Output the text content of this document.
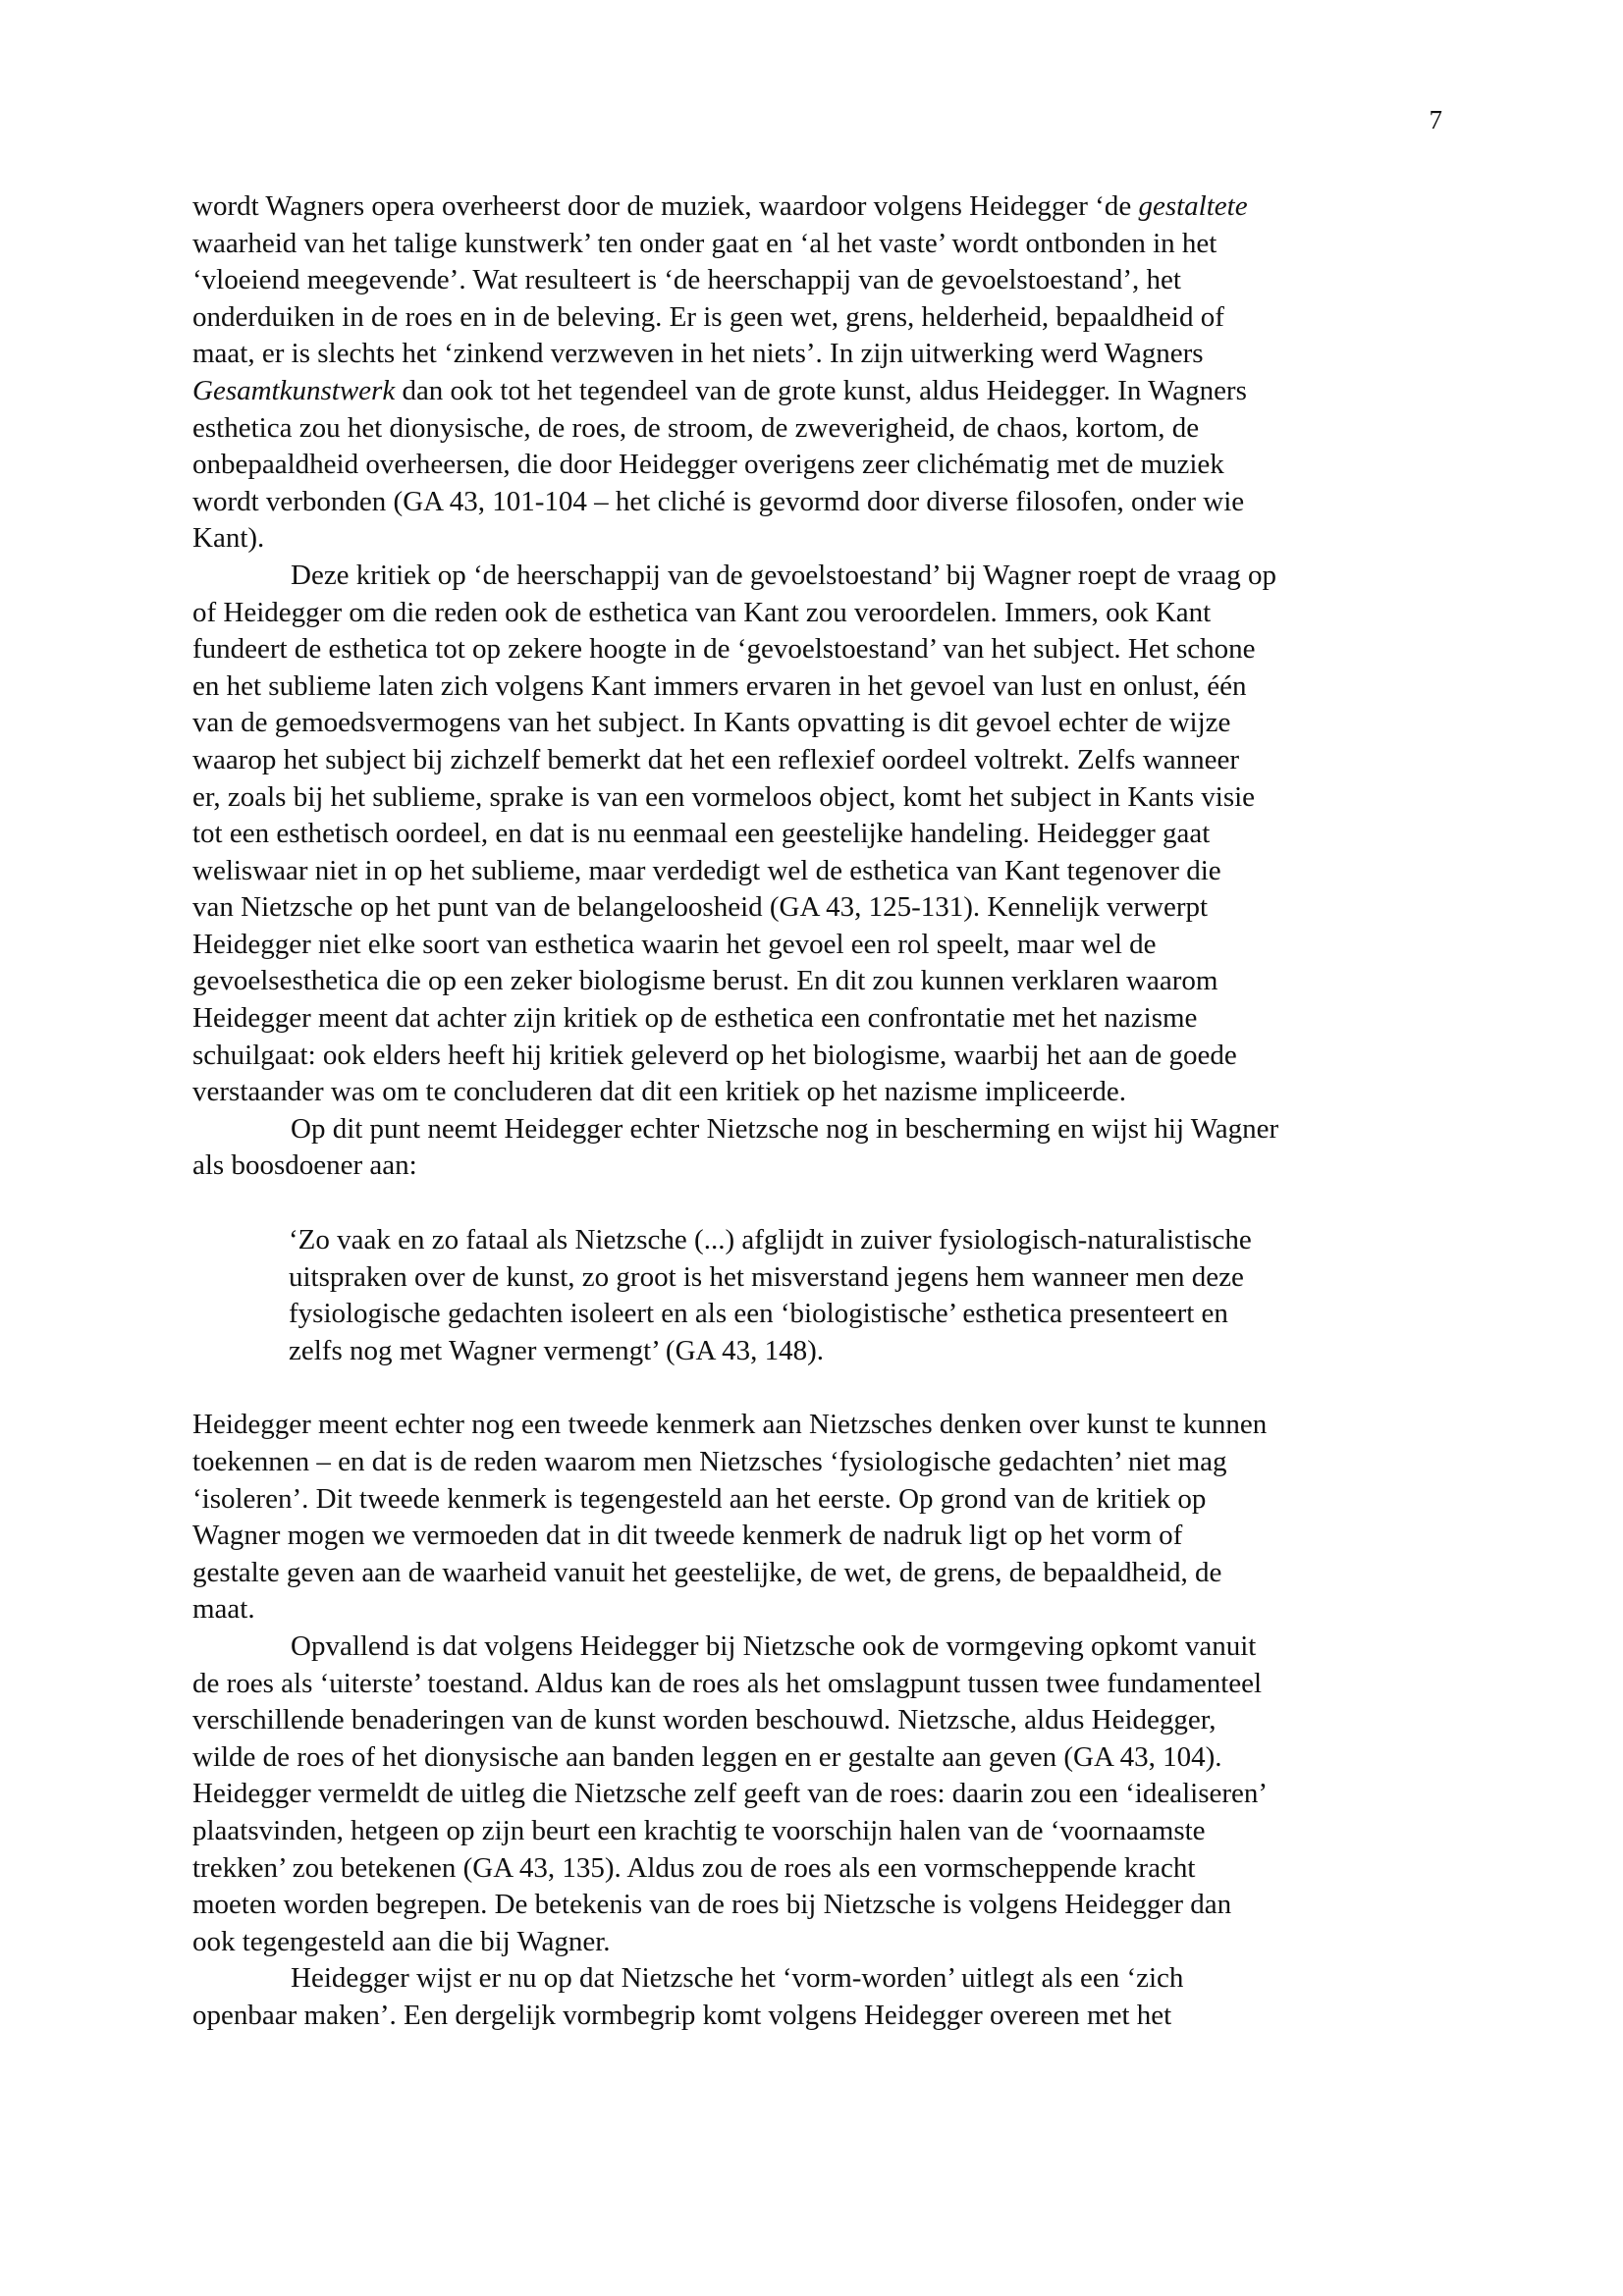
7

wordt Wagners opera overheerst door de muziek, waardoor volgens Heidegger ‘de gestaltete
waarheid van het talige kunstwerk’ ten onder gaat en ‘al het vaste’ wordt ontbonden in het
‘vloeiend meegevende’. Wat resulteert is ‘de heerschappij van de gevoelstoestand’, het
onderduiken in de roes en in de beleving. Er is geen wet, grens, helderheid, bepaaldheid of
maat, er is slechts het ‘zinkend verzweven in het niets’. In zijn uitwerking werd Wagners
Gesamtkunstwerk dan ook tot het tegendeel van de grote kunst, aldus Heidegger. In Wagners
esthetica zou het dionysische, de roes, de stroom, de zweverigheid, de chaos, kortom, de
onbepaaldheid overheersen, die door Heidegger overigens zeer clichématig met de muziek
wordt verbonden (GA 43, 101-104 – het cliché is gevormd door diverse filosofen, onder wie
Kant).

Deze kritiek op ‘de heerschappij van de gevoelstoestand’ bij Wagner roept de vraag op
of Heidegger om die reden ook de esthetica van Kant zou veroordelen. Immers, ook Kant
fundeert de esthetica tot op zekere hoogte in de ‘gevoelstoestand’ van het subject. Het schone
en het sublieme laten zich volgens Kant immers ervaren in het gevoel van lust en onlust, één
van de gemoedsvermogens van het subject. In Kants opvatting is dit gevoel echter de wijze
waarop het subject bij zichzelf bemerkt dat het een reflexief oordeel voltrekt. Zelfs wanneer
er, zoals bij het sublieme, sprake is van een vormeloos object, komt het subject in Kants visie
tot een esthetisch oordeel, en dat is nu eenmaal een geestelijke handeling. Heidegger gaat
weliswaar niet in op het sublieme, maar verdedigt wel de esthetica van Kant tegenover die
van Nietzsche op het punt van de belangeloosheid (GA 43, 125-131). Kennelijk verwerpt
Heidegger niet elke soort van esthetica waarin het gevoel een rol speelt, maar wel de
gevoelsesthetica die op een zeker biologisme berust. En dit zou kunnen verklaren waarom
Heidegger meent dat achter zijn kritiek op de esthetica een confrontatie met het nazisme
schuilgaat: ook elders heeft hij kritiek geleverd op het biologisme, waarbij het aan de goede
verstaander was om te concluderen dat dit een kritiek op het nazisme impliceerde.

Op dit punt neemt Heidegger echter Nietzsche nog in bescherming en wijst hij Wagner
als boosdoener aan:

‘Zo vaak en zo fataal als Nietzsche (...) afglijdt in zuiver fysiologisch-naturalistische
uitspraken over de kunst, zo groot is het misverstand jegens hem wanneer men deze
fysiologische gedachten isoleert en als een ‘biologistische’ esthetica presenteert en
zelfs nog met Wagner vermengt’ (GA 43, 148).

Heidegger meent echter nog een tweede kenmerk aan Nietzsches denken over kunst te kunnen
toekennen – en dat is de reden waarom men Nietzsches ‘fysiologische gedachten’ niet mag
‘isoleren’. Dit tweede kenmerk is tegengesteld aan het eerste. Op grond van de kritiek op
Wagner mogen we vermoeden dat in dit tweede kenmerk de nadruk ligt op het vorm of
gestalte geven aan de waarheid vanuit het geestelijke, de wet, de grens, de bepaaldheid, de
maat.

Opvallend is dat volgens Heidegger bij Nietzsche ook de vormgeving opkomt vanuit
de roes als ‘uiterste’ toestand. Aldus kan de roes als het omslagpunt tussen twee fundamenteel
verschillende benaderingen van de kunst worden beschouwd. Nietzsche, aldus Heidegger,
wilde de roes of het dionysische aan banden leggen en er gestalte aan geven (GA 43, 104).
Heidegger vermeldt de uitleg die Nietzsche zelf geeft van de roes: daarin zou een ‘idealiseren’
plaatsvinden, hetgeen op zijn beurt een krachtig te voorschijn halen van de ‘voornaamste
trekken’ zou betekenen (GA 43, 135). Aldus zou de roes als een vormscheppende kracht
moeten worden begrepen. De betekenis van de roes bij Nietzsche is volgens Heidegger dan
ook tegengesteld aan die bij Wagner.

Heidegger wijst er nu op dat Nietzsche het ‘vorm-worden’ uitlegt als een ‘zich
openbaar maken’. Een dergelijk vormbegrip komt volgens Heidegger overeen met het
